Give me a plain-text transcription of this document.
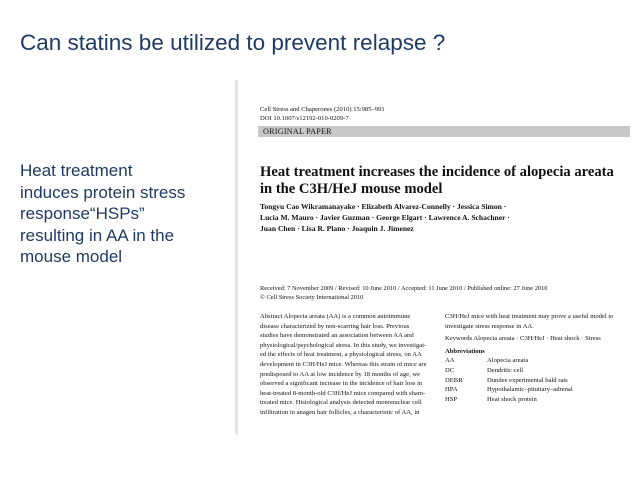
Can statins be utilized to prevent relapse ?
Heat treatment
induces protein stress
response“HSPs”
resulting in AA in the
mouse model
Cell Stress and Chaperones (2010) 15:985–991
DOI 10.1007/s12192-010-0209-7
ORIGINAL PAPER
Heat treatment increases the incidence of alopecia areata
in the C3H/HeJ mouse model
Tongyu Cao Wikramanayake · Elizabeth Alvarez-Connelly · Jessica Simon ·
Lucia M. Mauro · Javier Guzman · George Elgart · Lawrence A. Schachner ·
Juan Chen · Lisa R. Plano · Joaquin J. Jimenez
Received: 7 November 2009 / Revised: 10 June 2010 / Accepted: 11 June 2010 / Published online: 27 June 2010
© Cell Stress Society International 2010
Abstract Alopecia areata (AA) is a common autoimmune
disease characterized by non-scarring hair loss. Previous
studies have demonstrated an association between AA and
physiological/psychological stress. In this study, we investigat-
ed the effects of heat treatment, a physiological stress, on AA
development in C3H/HeJ mice. Whereas this strain of mice are
predisposed to AA at low incidence by 18 months of age, we
observed a significant increase in the incidence of hair loss in
heat-treated 8-month-old C3H/HeJ mice compared with sham-
treated mice. Histological analysis detected mononuclear cell
infiltration in anagen hair follicles, a characteristic of AA, in
C3H/HeJ mice with heat treatment may prove a useful model to
investigate stress response in AA.
Keywords Alopecia areata · C3H/HeJ · Heat shock · Stress
Abbreviations
AA	Alopecia areata
DC	Dendritic cell
DEBR	Dundee experimental bald rats
HPA	Hypothalamic–pituitary–adrenal
HSP	Heat shock protein
